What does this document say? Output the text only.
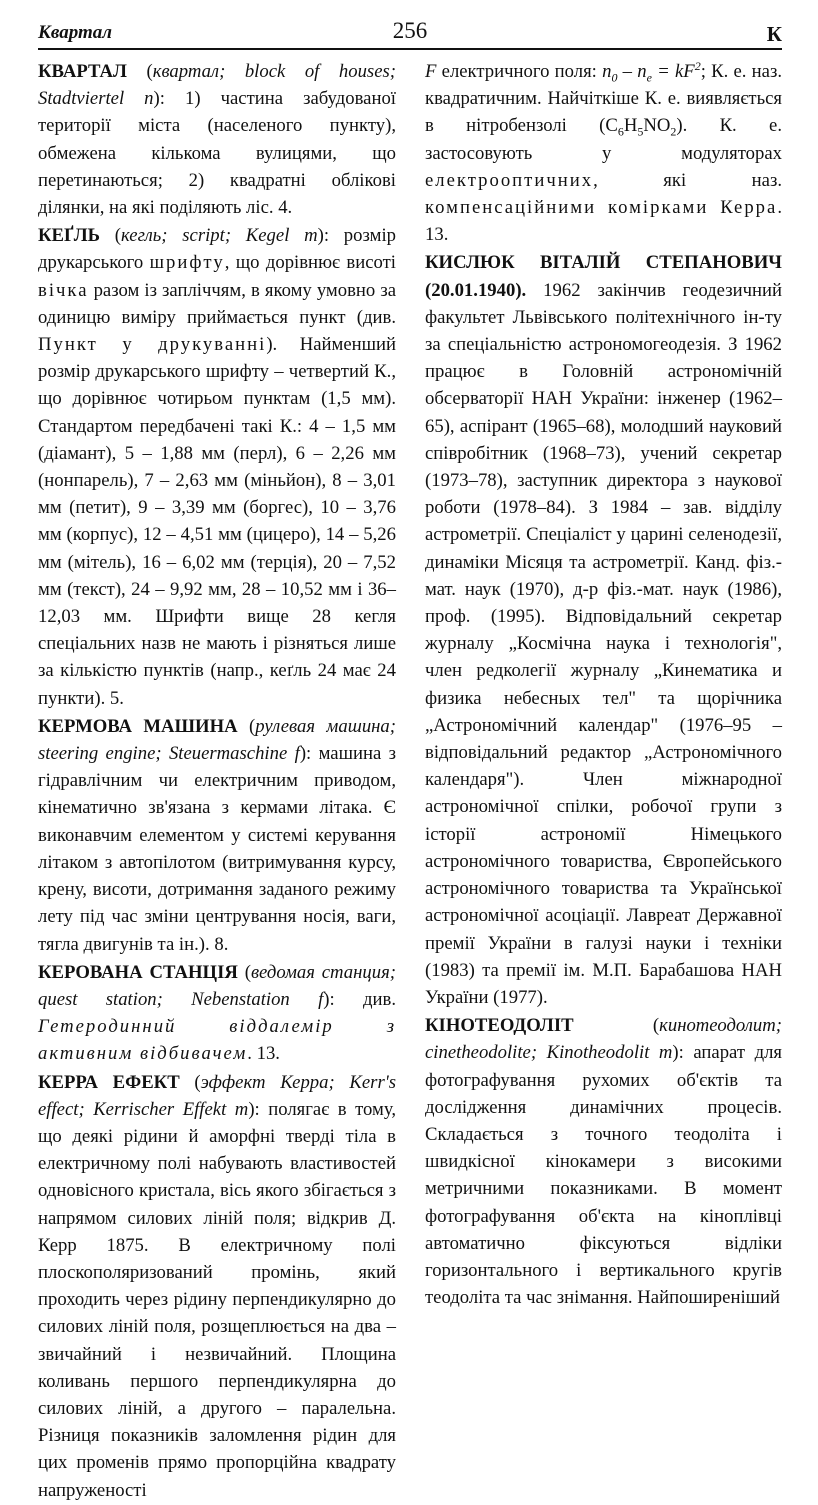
Квартал	256	К

КВАРТАЛ (квартал; block of houses; Stadtviertel n): 1) частина забудованої території міста (населеного пункту), обмежена кількома вулицями, що перетинаються; 2) квадратні облікові ділянки, на які поділяють ліс. 4.

КЕҐЛЬ (кегль; script; Kegel m): розмір друкарського шрифту, що дорівнює висоті вічка разом із запліччям, в якому умовно за одиницю виміру приймається пункт (див. Пункт у друкуванні). Найменший розмір друкарського шрифту – четвертий К., що дорівнює чотирьом пунктам (1,5 мм). Стандартом передбачені такі К.: 4 – 1,5 мм (діамант), 5 – 1,88 мм (перл), 6 – 2,26 мм (нонпарель), 7 – 2,63 мм (міньйон), 8 – 3,01 мм (петит), 9 – 3,39 мм (боргес), 10 – 3,76 мм (корпус), 12 – 4,51 мм (цицеро), 14 – 5,26 мм (мітель), 16 – 6,02 мм (терція), 20 – 7,52 мм (текст), 24 – 9,92 мм, 28 – 10,52 мм і 36–12,03 мм. Шрифти вище 28 кегля спеціальних назв не мають і різняться лише за кількістю пунктів (напр., кеґль 24 має 24 пункти). 5.

КЕРМОВА МАШИНА (рулевая машина; steering engine; Steuermaschine f): машина з гідравлічним чи електричним приводом, кінематично зв'язана з кермами літака. Є виконавчим елементом у системі керування літаком з автопілотом (витримування курсу, крену, висоти, дотримання заданого режиму лету під час зміни центрування носія, ваги, тягла двигунів та ін.). 8.

КЕРОВАНА СТАНЦІЯ (ведомая станция; quest station; Nebenstation f): див. Гетеродинний віддалемір з активним відбивачем. 13.

КЕРРА ЕФЕКТ (эффект Керра; Kerr's effect; Kerrischer Effekt m): полягає в тому, що деякі рідини й аморфні тверді тіла в електричному полі набувають властивостей одновісного кристала, вісь якого збігається з напрямом силових ліній поля; відкрив Д. Керр 1875. В електричному полі плоскополяризований промінь, який проходить через рідину перпендикулярно до силових ліній поля, розщеплюється на два – звичайний і незвичайний. Площина коливань першого перпендикулярна до силових ліній, а другого – паралельна. Різниця показників заломлення рідин для цих променів прямо пропорційна квадрату напруженості

F електричного поля: $n_0 - n_e = kF^2$; К. е. наз. квадратичним. Найчіткіше К. е. виявляється в нітробензолі $(C_6H_5NO_2)$. К. е. застосовують у модуляторах електрооптичних, які наз. компенсаційними комірками Керра. 13.

КИСЛЮК ВІТАЛІЙ СТЕПАНОВИЧ (20.01.1940). 1962 закінчив геодезичний факультет Львівського політехнічного ін-ту за спеціальністю астрономогеодезія. З 1962 працює в Головній астрономічній обсерваторії НАН України: інженер (1962–65), аспірант (1965–68), молодший науковий співробітник (1968–73), учений секретар (1973–78), заступник директора з наукової роботи (1978–84). З 1984 – зав. відділу астрометрії. Спеціаліст у царині селенодезії, динаміки Місяця та астрометрії. Канд. фіз.-мат. наук (1970), д-р фіз.-мат. наук (1986), проф. (1995). Відповідальний секретар журналу „Космічна наука і технологія", член редколегії журналу „Кинематика и физика небесных тел" та щорічника „Астрономічний календар" (1976–95 – відповідальний редактор „Астрономічного календаря"). Член міжнародної астрономічної спілки, робочої групи з історії астрономії Німецького астрономічного товариства, Європейського астрономічного товариства та Української астрономічної асоціації. Лавреат Державної премії України в галузі науки і техніки (1983) та премії ім. М.П. Барабашова НАН України (1977).

КІНОТЕОДОЛІТ (кинотеодолит; cinetheodolite; Kinotheodolit m): апарат для фотографування рухомих об'єктів та дослідження динамічних процесів. Складається з точного теодоліта і швидкісної кінокамери з високими метричними показниками. В момент фотографування об'єкта на кіноплівці автоматично фіксуються відліки горизонтального і вертикального кругів теодоліта та час знімання. Найпоширеніший
